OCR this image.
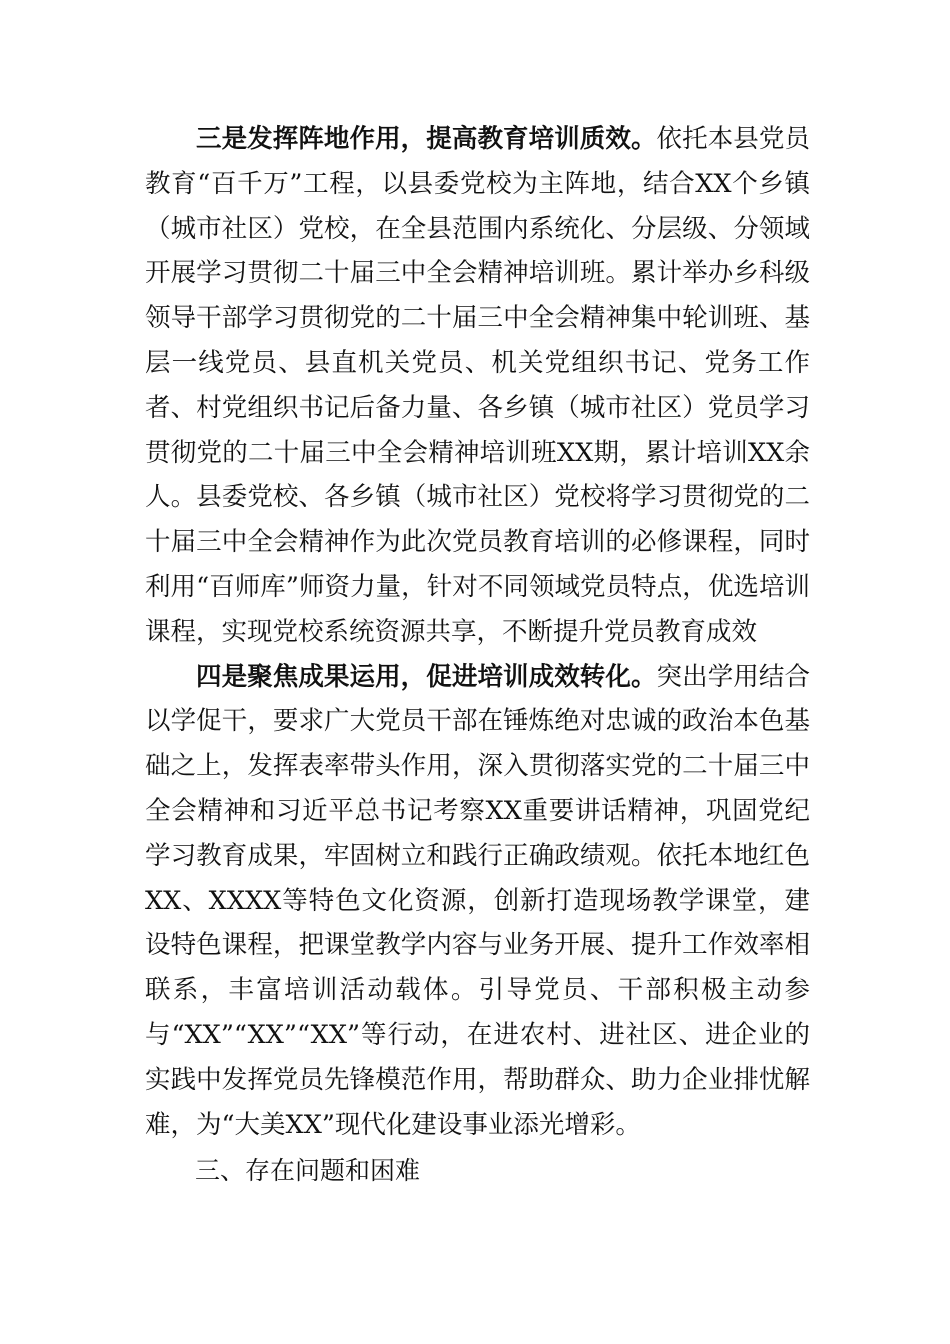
三是发挥阵地作用，提高教育培训质效。依托本县党员教育“百千万”工程，以县委党校为主阵地，结合XX个乡镇（城市社区）党校，在全县范围内系统化、分层级、分领域开展学习贯彻二十届三中全会精神培训班。累计举办乡科级领导干部学习贯彻党的二十届三中全会精神集中轮训班、基层一线党员、县直机关党员、机关党组织书记、党务工作者、村党组织书记后备力量、各乡镇（城市社区）党员学习贯彻党的二十届三中全会精神培训班XX期，累计培训XX余人。县委党校、各乡镇（城市社区）党校将学习贯彻党的二十届三中全会精神作为此次党员教育培训的必修课程，同时利用“百师库”师资力量，针对不同领域党员特点，优选培训课程，实现党校系统资源共享，不断提升党员教育成效

四是聚焦成果运用，促进培训成效转化。突出学用结合以学促干，要求广大党员干部在锤炼绝对忠诚的政治本色基础之上，发挥表率带头作用，深入贯彻落实党的二十届三中全会精神和习近平总书记考察XX重要讲话精神，巩固党纪学习教育成果，牢固树立和践行正确政绩观。依托本地红色XX、XXXX等特色文化资源，创新打造现场教学课堂，建设特色课程，把课堂教学内容与业务开展、提升工作效率相联系，丰富培训活动载体。引导党员、干部积极主动参与“XX”“XX”“XX”等行动，在进农村、进社区、进企业的实践中发挥党员先锋模范作用，帮助群众、助力企业排忧解难，为“大美XX”现代化建设事业添光增彩。

三、存在问题和困难
